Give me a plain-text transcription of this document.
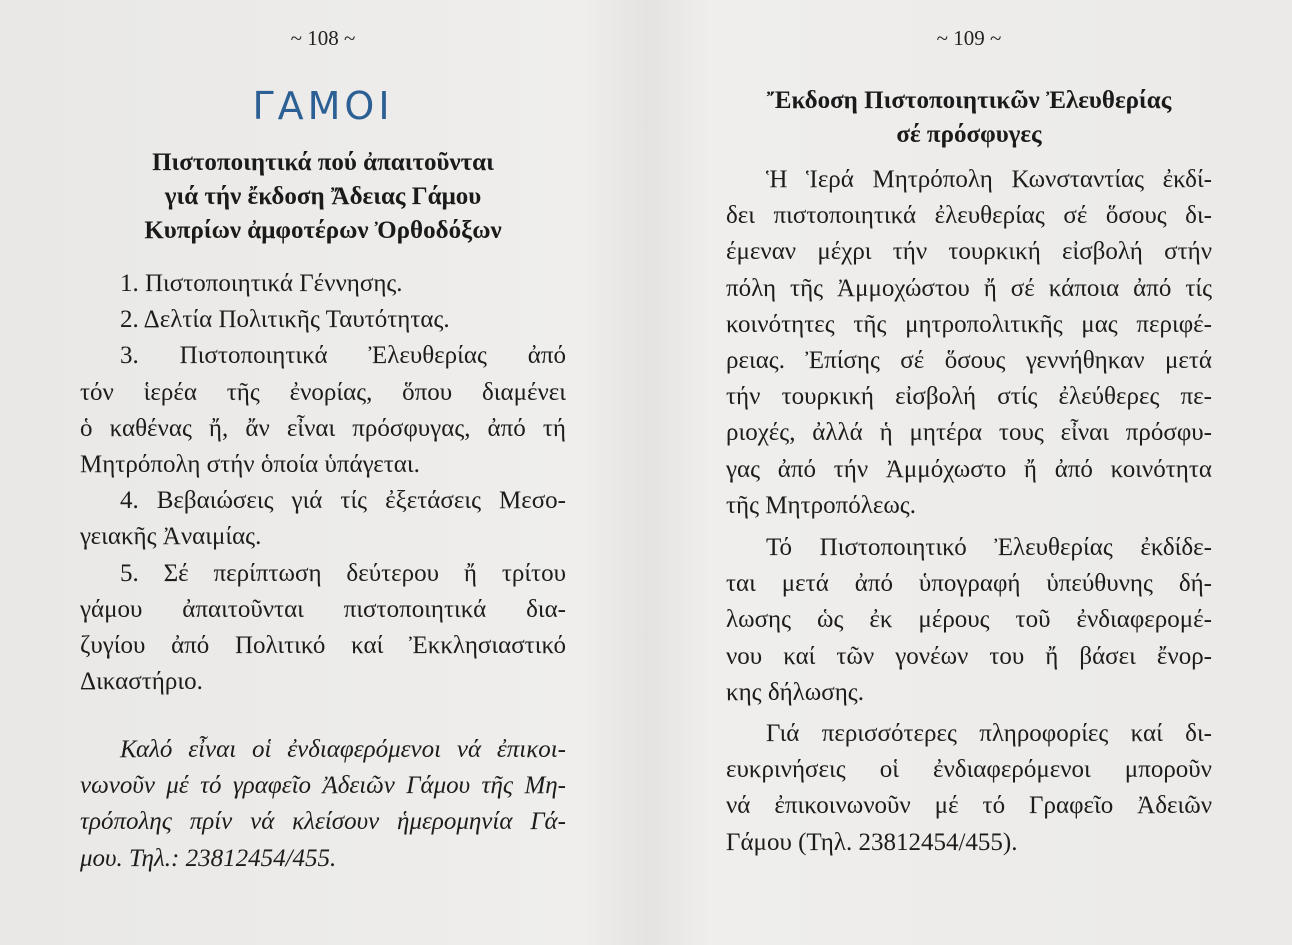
~ 108 ~
ΓΑΜΟΙ
Πιστοποιητικά πού ἀπαιτοῦνται
γιά τήν ἔκδοση Ἄδειας Γάμου
Κυπρίων ἀμφοτέρων Ὀρθοδόξων
1. Πιστοποιητικά Γέννησης.
2. Δελτία Πολιτικῆς Ταυτότητας.
3. Πιστοποιητικά Ἐλευθερίας ἀπό
τόν ἱερέα τῆς ἐνορίας, ὅπου διαμένει
ὁ καθένας ἤ, ἄν εἶναι πρόσφυγας, ἀπό τή
Μητρόπολη στήν ὁποία ὑπάγεται.
4. Βεβαιώσεις γιά τίς ἐξετάσεις Μεσο-
γειακῆς Ἀναιμίας.
5. Σέ περίπτωση δεύτερου ἤ τρίτου
γάμου ἀπαιτοῦνται πιστοποιητικά δια-
ζυγίου ἀπό Πολιτικό καί Ἐκκλησιαστικό
Δικαστήριο.
Καλό εἶναι οἱ ἐνδιαφερόμενοι νά ἐπικοι-
νωνοῦν μέ τό γραφεῖο Ἀδειῶν Γάμου τῆς Μη-
τρόπολης πρίν νά κλείσουν ἡμερομηνία Γά-
μου. Τηλ.: 23812454/455.
~ 109 ~
Ἔκδοση Πιστοποιητικῶν Ἐλευθερίας
σέ πρόσφυγες
Ἡ Ἱερά Μητρόπολη Κωνσταντίας ἐκδί-
δει πιστοποιητικά ἐλευθερίας σέ ὅσους δι-
έμεναν μέχρι τήν τουρκική εἰσβολή στήν
πόλη τῆς Ἀμμοχώστου ἤ σέ κάποια ἀπό τίς
κοινότητες τῆς μητροπολιτικῆς μας περιφέ-
ρειας. Ἐπίσης σέ ὅσους γεννήθηκαν μετά
τήν τουρκική εἰσβολή στίς ἐλεύθερες πε-
ριοχές, ἀλλά ἡ μητέρα τους εἶναι πρόσφυ-
γας ἀπό τήν Ἀμμόχωστο ἤ ἀπό κοινότητα
τῆς Μητροπόλεως.
Τό Πιστοποιητικό Ἐλευθερίας ἐκδίδε-
ται μετά ἀπό ὑπογραφή ὑπεύθυνης δή-
λωσης ὡς ἐκ μέρους τοῦ ἐνδιαφερομέ-
νου καί τῶν γονέων του ἤ βάσει ἔνορ-
κης δήλωσης.
Γιά περισσότερες πληροφορίες καί δι-
ευκρινήσεις οἱ ἐνδιαφερόμενοι μποροῦν
νά ἐπικοινωνοῦν μέ τό Γραφεῖο Ἀδειῶν
Γάμου (Τηλ. 23812454/455).
